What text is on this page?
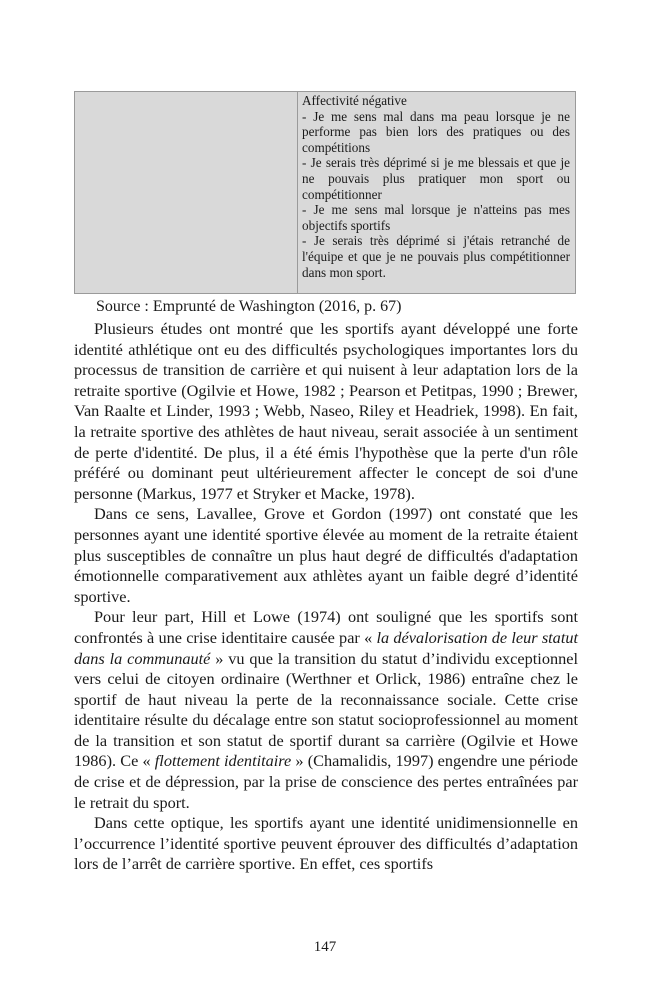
Affectivité négative
- Je me sens mal dans ma peau lorsque je ne performe pas bien lors des pratiques ou des compétitions
- Je serais très déprimé si je me blessais et que je ne pouvais plus pratiquer mon sport ou compétitionner
- Je me sens mal lorsque je n'atteins pas mes objectifs sportifs
- Je serais très déprimé si j'étais retranché de l'équipe et que je ne pouvais plus compétitionner dans mon sport.
Source : Emprunté de Washington (2016, p. 67)

Plusieurs études ont montré que les sportifs ayant développé une forte identité athlétique ont eu des difficultés psychologiques importantes lors du processus de transition de carrière et qui nuisent à leur adaptation lors de la retraite sportive (Ogilvie et Howe, 1982 ; Pearson et Petitpas, 1990 ; Brewer, Van Raalte et Linder, 1993 ; Webb, Naseo, Riley et Headriek, 1998). En fait, la retraite sportive des athlètes de haut niveau, serait associée à un sentiment de perte d'identité. De plus, il a été émis l'hypothèse que la perte d'un rôle préféré ou dominant peut ultérieurement affecter le concept de soi d'une personne (Markus, 1977 et Stryker et Macke, 1978).

Dans ce sens, Lavallee, Grove et Gordon (1997) ont constaté que les personnes ayant une identité sportive élevée au moment de la retraite étaient plus susceptibles de connaître un plus haut degré de difficultés d'adaptation émotionnelle comparativement aux athlètes ayant un faible degré d’identité sportive.

Pour leur part, Hill et Lowe (1974) ont souligné que les sportifs sont confrontés à une crise identitaire causée par « la dévalorisation de leur statut dans la communauté » vu que la transition du statut d’individu exceptionnel vers celui de citoyen ordinaire (Werthner et Orlick, 1986) entraîne chez le sportif de haut niveau la perte de la reconnaissance sociale. Cette crise identitaire résulte du décalage entre son statut socioprofessionnel au moment de la transition et son statut de sportif durant sa carrière (Ogilvie et Howe 1986). Ce « flottement identitaire » (Chamalidis, 1997) engendre une période de crise et de dépression, par la prise de conscience des pertes entraînées par le retrait du sport.

Dans cette optique, les sportifs ayant une identité unidimensionnelle en l’occurrence l’identité sportive peuvent éprouver des difficultés d’adaptation lors de l’arrêt de carrière sportive. En effet, ces sportifs

147
